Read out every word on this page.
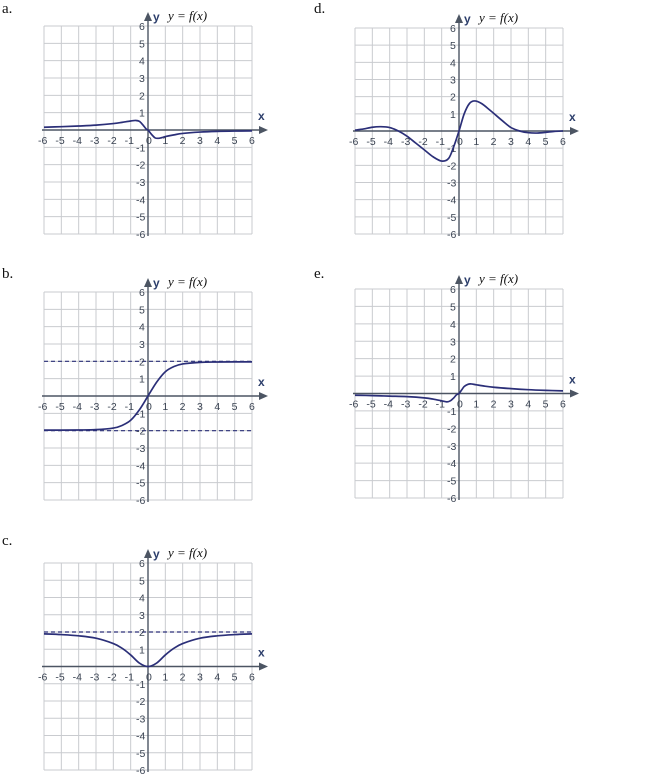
a.
x
y y = f(x)
-6 -5 -4 -3 -2 -1 0 1 2 3 4 5 6
6
5
4
3
2
1
-1
-2
-3
-4
-5
-6
d.
x
y y = f(x)
-6 -5 -4 -3 -2 -1 0 1 2 3 4 5 6
6
5
4
3
2
1
-1
-2
-3
-4
-5
-6
b.
x
y y = f(x)
-6 -5 -4 -3 -2 -1 0 1 2 3 4 5 6
6
5
4
3
2
1
-1
-2
-3
-4
-5
-6
e.
x
y y = f(x)
-6 -5 -4 -3 -2 -1 0 1 2 3 4 5 6
6
5
4
3
2
1
-1
-2
-3
-4
-5
-6
c.
x
y y = f(x)
-6 -5 -4 -3 -2 -1 0 1 2 3 4 5 6
6
5
4
3
2
1
-1
-2
-3
-4
-5
-6
